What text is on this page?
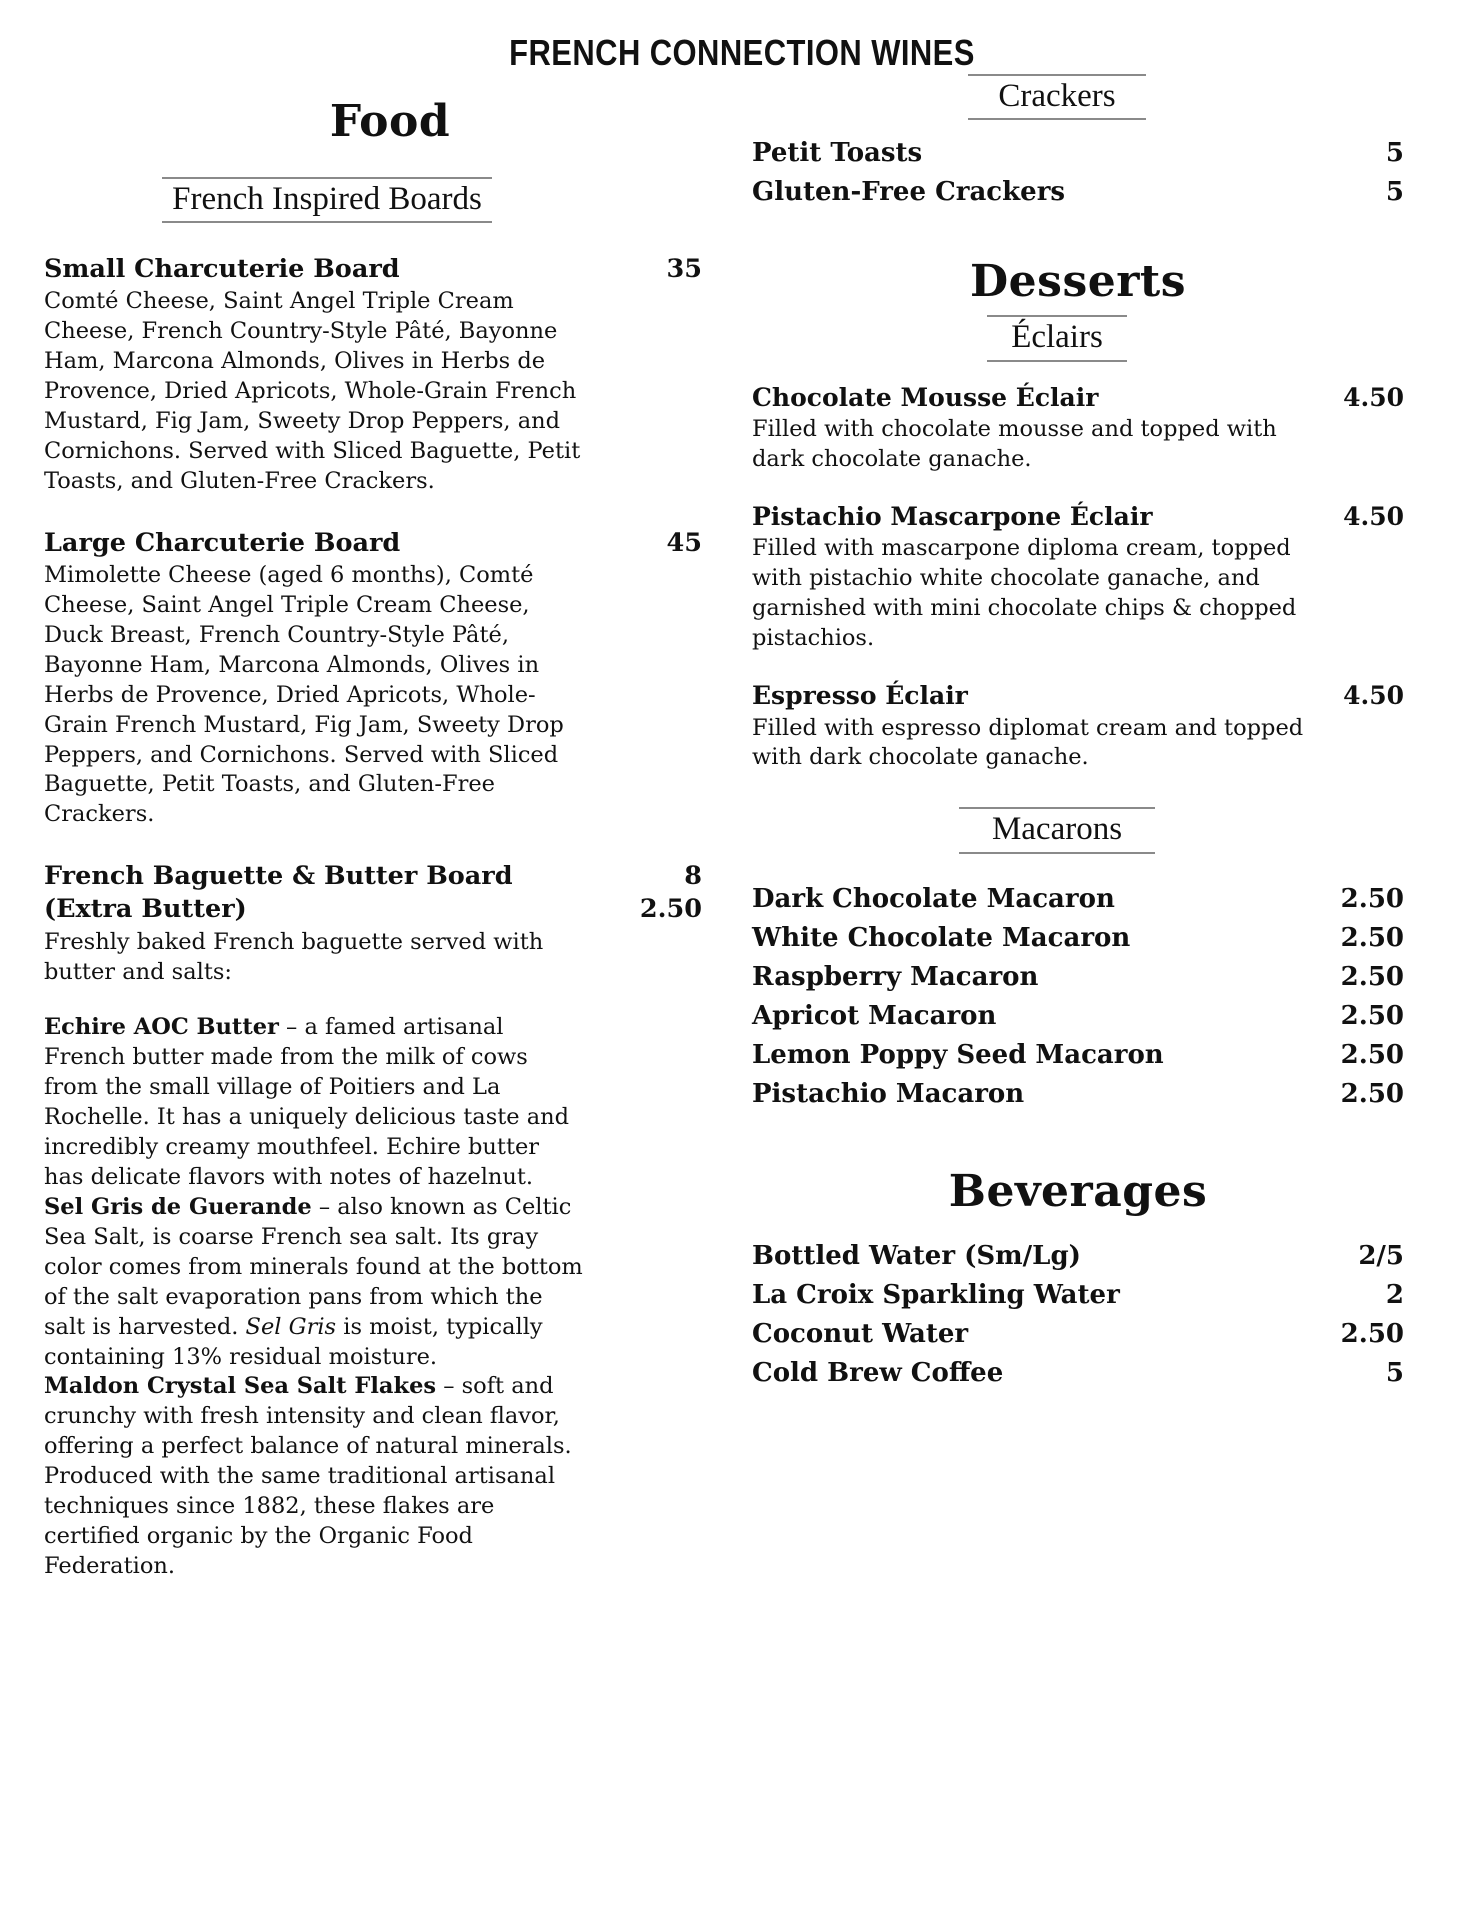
FRENCH CONNECTION WINES
Food
French Inspired Boards
Small Charcuterie Board	35
Comté Cheese, Saint Angel Triple Cream Cheese, French Country-Style Pâté, Bayonne Ham, Marcona Almonds, Olives in Herbs de Provence, Dried Apricots, Whole-Grain French Mustard, Fig Jam, Sweety Drop Peppers, and Cornichons. Served with Sliced Baguette, Petit Toasts, and Gluten-Free Crackers.
Large Charcuterie Board	45
Mimolette Cheese (aged 6 months), Comté Cheese, Saint Angel Triple Cream Cheese, Duck Breast, French Country-Style Pâté, Bayonne Ham, Marcona Almonds, Olives in Herbs de Provence, Dried Apricots, Whole-Grain French Mustard, Fig Jam, Sweety Drop Peppers, and Cornichons. Served with Sliced Baguette, Petit Toasts, and Gluten-Free Crackers.
French Baguette & Butter Board	8
(Extra Butter)	2.50
Freshly baked French baguette served with butter and salts:

Echire AOC Butter – a famed artisanal French butter made from the milk of cows from the small village of Poitiers and La Rochelle. It has a uniquely delicious taste and incredibly creamy mouthfeel. Echire butter has delicate flavors with notes of hazelnut.

Sel Gris de Guerande – also known as Celtic Sea Salt, is coarse French sea salt. Its gray color comes from minerals found at the bottom of the salt evaporation pans from which the salt is harvested. Sel Gris is moist, typically containing 13% residual moisture.

Maldon Crystal Sea Salt Flakes – soft and crunchy with fresh intensity and clean flavor, offering a perfect balance of natural minerals. Produced with the same traditional artisanal techniques since 1882, these flakes are certified organic by the Organic Food Federation.

Crackers
Petit Toasts	5
Gluten-Free Crackers	5
Desserts
Éclairs
Chocolate Mousse Éclair	4.50
Filled with chocolate mousse and topped with dark chocolate ganache.
Pistachio Mascarpone Éclair	4.50
Filled with mascarpone diploma cream, topped with pistachio white chocolate ganache, and garnished with mini chocolate chips & chopped pistachios.
Espresso Éclair	4.50
Filled with espresso diplomat cream and topped with dark chocolate ganache.
Macarons
Dark Chocolate Macaron	2.50
White Chocolate Macaron	2.50
Raspberry Macaron	2.50
Apricot Macaron	2.50
Lemon Poppy Seed Macaron	2.50
Pistachio Macaron	2.50
Beverages
Bottled Water (Sm/Lg)	2/5
La Croix Sparkling Water	2
Coconut Water	2.50
Cold Brew Coffee	5
